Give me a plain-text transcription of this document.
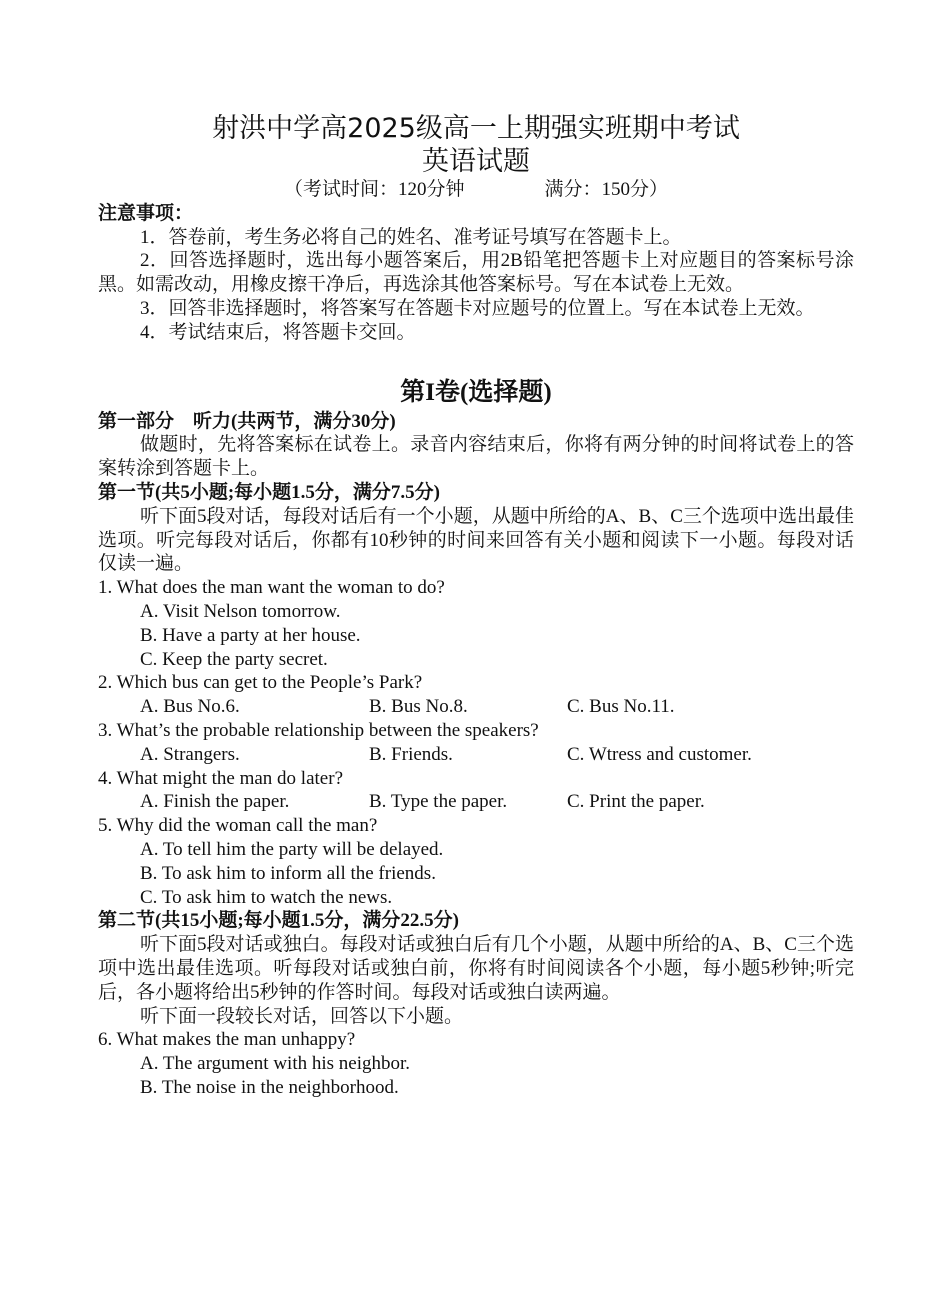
射洪中学高2025级高一上期强实班期中考试

英语试题

（考试时间：120分钟	满分：150分）

注意事项：

1．答卷前，考生务必将自己的姓名、准考证号填写在答题卡上。

2．回答选择题时，选出每小题答案后，用2B铅笔把答题卡上对应题目的答案标号涂黑。如需改动，用橡皮擦干净后，再选涂其他答案标号。写在本试卷上无效。

3．回答非选择题时，将答案写在答题卡对应题号的位置上。写在本试卷上无效。

4．考试结束后，将答题卡交回。

第I卷(选择题)

第一部分    听力(共两节，满分30分)

做题时，先将答案标在试卷上。录音内容结束后，你将有两分钟的时间将试卷上的答案转涂到答题卡上。

第一节(共5小题;每小题1.5分，满分7.5分)

听下面5段对话，每段对话后有一个小题，从题中所给的A、B、C三个选项中选出最佳选项。听完每段对话后，你都有10秒钟的时间来回答有关小题和阅读下一小题。每段对话仅读一遍。

1. What does the man want the woman to do?

A. Visit Nelson tomorrow.

B. Have a party at her house.

C. Keep the party secret.

2. Which bus can get to the People’s Park?

A. Bus No.6.	B. Bus No.8.	C. Bus No.11.

3. What’s the probable relationship between the speakers?

A. Strangers.	B. Friends.	C. Wtress and customer.

4. What might the man do later?

A. Finish the paper.	B. Type the paper.	C. Print the paper.

5. Why did the woman call the man?

A. To tell him the party will be delayed.

B. To ask him to inform all the friends.

C. To ask him to watch the news.

第二节(共15小题;每小题1.5分，满分22.5分)

听下面5段对话或独白。每段对话或独白后有几个小题，从题中所给的A、B、C三个选项中选出最佳选项。听每段对话或独白前，你将有时间阅读各个小题，每小题5秒钟;听完后，各小题将给出5秒钟的作答时间。每段对话或独白读两遍。

听下面一段较长对话，回答以下小题。

6. What makes the man unhappy?

A. The argument with his neighbor.

B. The noise in the neighborhood.
